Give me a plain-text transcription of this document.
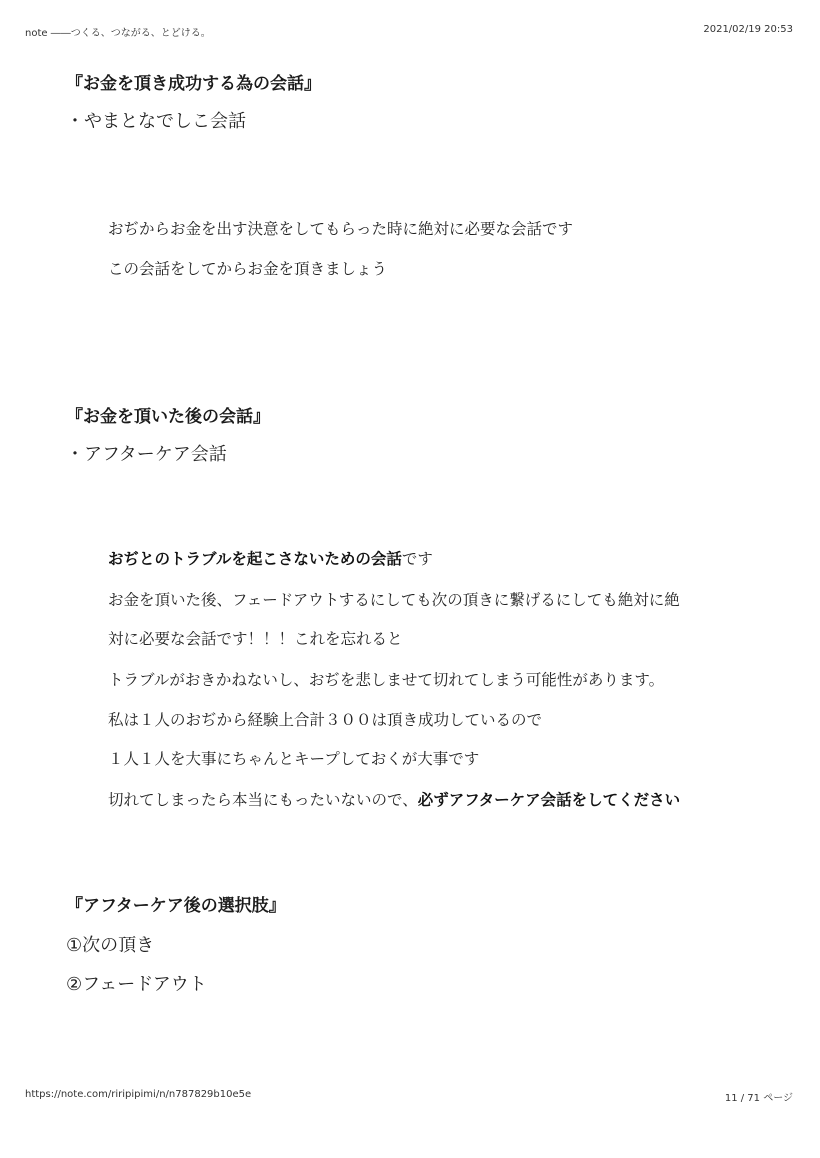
note ――つくる、つながる、とどける。	2021/02/19 20:53
『お金を頂き成功する為の会話』
・やまとなでしこ会話
おぢからお金を出す決意をしてもらった時に絶対に必要な会話です
この会話をしてからお金を頂きましょう
『お金を頂いた後の会話』
・アフターケア会話
おぢとのトラブルを起こさないための会話です
お金を頂いた後、フェードアウトするにしても次の頂きに繋げるにしても絶対に絶
対に必要な会話です！！！これを忘れると
トラブルがおきかねないし、おぢを悲しませて切れてしまう可能性があります。
私は１人のおぢから経験上合計３００は頂き成功しているので
１人１人を大事にちゃんとキープしておくが大事です
切れてしまったら本当にもったいないので、必ずアフターケア会話をしてください
『アフターケア後の選択肢』
①次の頂き
②フェードアウト
https://note.com/riripipimi/n/n787829b10e5e	11 / 71 ページ
